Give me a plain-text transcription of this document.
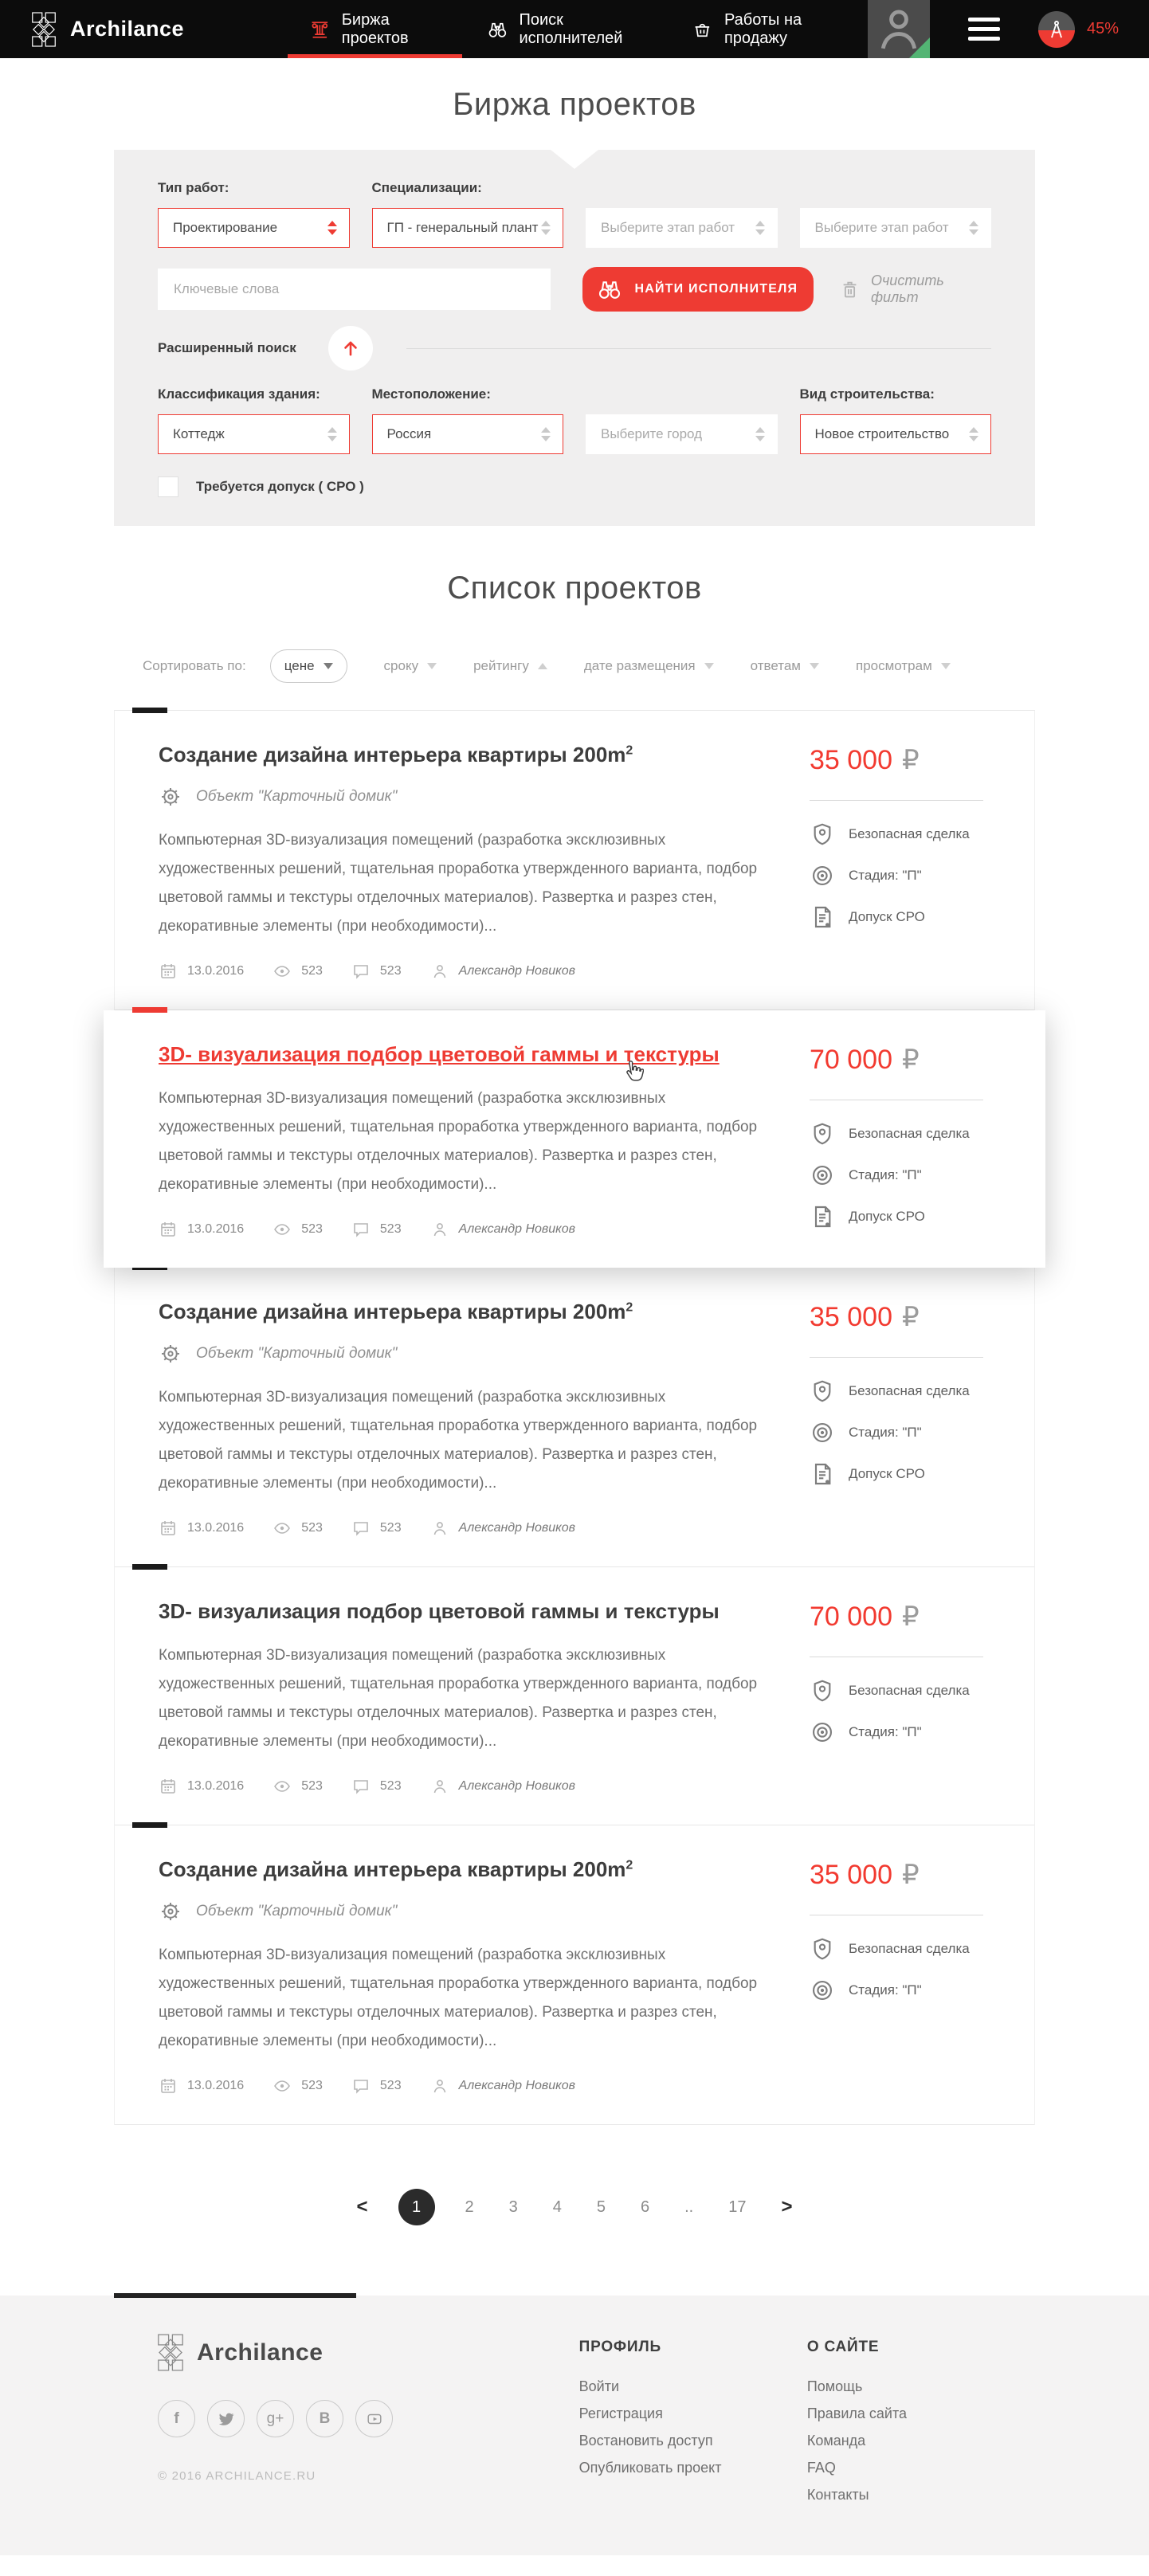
Archilance	Биржа проектов
Поиск исполнителей
Работы на продажу
45%
Биржа проектов
Тип работ:	Специализации:
Проектирование	ГП - генеральный плант	Выберите этап работ	Выберите этап работ
Ключевые слова
НАЙТИ ИСПОЛНИТЕЛЯ
Очистить фильт
Расширенный поиск
Классификация здания:	Местоположение:	Вид строительства:
Коттедж	Россия	Выберите город	Новое строительство
Требуется допуск ( СРО )
Список проектов
Сортировать по:	цене	сроку	рейтингу	дате размещения	ответам	просмотрам
Создание дизайна интерьера квартиры $200m^2$
Объект "Карточный домик"

Компьютерная 3D-визуализация помещений (разработка эксклюзивных художественных решений, тщательная проработка утвержденного варианта, подбор цветовой гаммы и текстуры отделочных материалов). Развертка и разрез стен, декоративные элементы (при необходимости)...

13.0.2016	523	523	Александр Новиков
35 000 ₽
Безопасная сделка
Стадия: "П"
Допуск СРО
3D- визуализация подбор цветовой гаммы и текстуры

Компьютерная 3D-визуализация помещений (разработка эксклюзивных художественных решений, тщательная проработка утвержденного варианта, подбор цветовой гаммы и текстуры отделочных материалов). Развертка и разрез стен, декоративные элементы (при необходимости)...

13.0.2016	523	523	Александр Новиков
70 000 ₽
Безопасная сделка
Стадия: "П"
Допуск СРО
Создание дизайна интерьера квартиры $200m^2$
Объект "Карточный домик"

Компьютерная 3D-визуализация помещений (разработка эксклюзивных художественных решений, тщательная проработка утвержденного варианта, подбор цветовой гаммы и текстуры отделочных материалов). Развертка и разрез стен, декоративные элементы (при необходимости)...

13.0.2016	523	523	Александр Новиков
35 000 ₽
Безопасная сделка
Стадия: "П"
Допуск СРО
3D- визуализация подбор цветовой гаммы и текстуры

Компьютерная 3D-визуализация помещений (разработка эксклюзивных художественных решений, тщательная проработка утвержденного варианта, подбор цветовой гаммы и текстуры отделочных материалов). Развертка и разрез стен, декоративные элементы (при необходимости)...

13.0.2016	523	523	Александр Новиков
70 000 ₽
Безопасная сделка
Стадия: "П"
Создание дизайна интерьера квартиры $200m^2$
Объект "Карточный домик"

Компьютерная 3D-визуализация помещений (разработка эксклюзивных художественных решений, тщательная проработка утвержденного варианта, подбор цветовой гаммы и текстуры отделочных материалов). Развертка и разрез стен, декоративные элементы (при необходимости)...

13.0.2016	523	523	Александр Новиков
35 000 ₽
Безопасная сделка
Стадия: "П"
<	1	2	3	4	5	6	..	17 >
Archilance
f	g+ B
© 2016 ARCHILANCE.RU
ПРОФИЛЬ
Войти
Регистрация
Востановить доступ
Опубликовать проект
О САЙТЕ
Помощь
Правила сайта
Команда
FAQ
Контакты
